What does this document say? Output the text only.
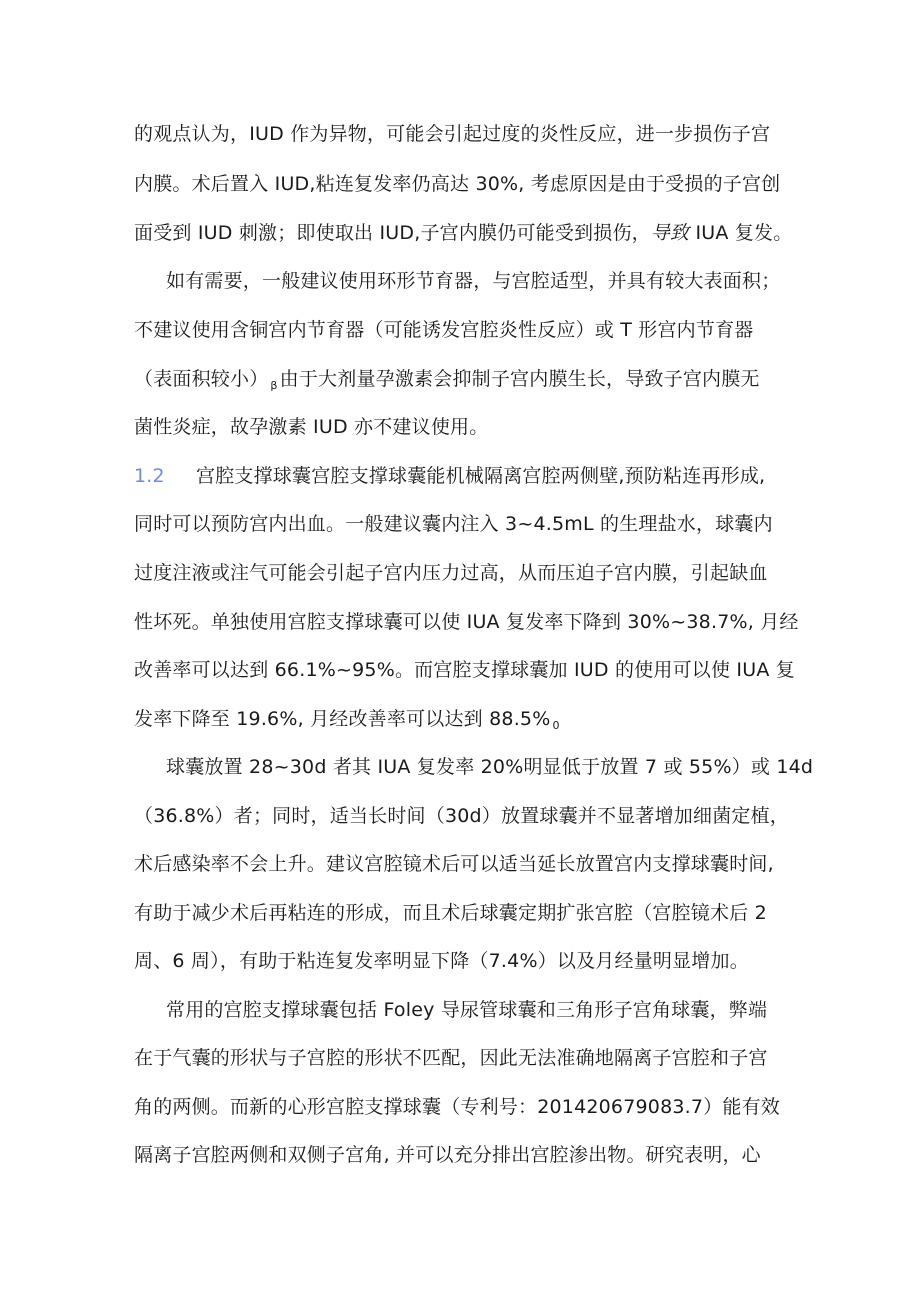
的观点认为，IUD 作为异物，可能会引起过度的炎性反应，进一步损伤子宫
内膜。术后置入 IUD,粘连复发率仍高达 30%, 考虑原因是由于受损的子宫创
面受到 IUD 刺激；即使取出 IUD,子宫内膜仍可能受到损伤，导致 IUA 复发。
如有需要，一般建议使用环形节育器，与宫腔适型，并具有较大表面积；
不建议使用含铜宫内节育器（可能诱发宫腔炎性反应）或 T 形宫内节育器
（表面积较小） $_\beta$ 由于大剂量孕激素会抑制子宫内膜生长，导致子宫内膜无
菌性炎症，故孕激素 IUD 亦不建议使用。
1.2 宫腔支撑球囊宫腔支撑球囊能机械隔离宫腔两侧壁,预防粘连再形成,
同时可以预防宫内出血。一般建议囊内注入 3~4.5mL 的生理盐水，球囊内
过度注液或注气可能会引起子宫内压力过高，从而压迫子宫内膜，引起缺血
性坏死。单独使用宫腔支撑球囊可以使 IUA 复发率下降到 30%~38.7%, 月经
改善率可以达到 66.1%~95%。而宫腔支撑球囊加 IUD 的使用可以使 IUA 复
发率下降至 19.6%, 月经改善率可以达到 88.5% $_0$
球囊放置 28~30d 者其 IUA 复发率 20%明显低于放置 7 或 55%）或 14d
（36.8%）者；同时，适当长时间（30d）放置球囊并不显著增加细菌定植，
术后感染率不会上升。建议宫腔镜术后可以适当延长放置宫内支撑球囊时间,
有助于减少术后再粘连的形成，而且术后球囊定期扩张宫腔（宫腔镜术后 2
周、6 周），有助于粘连复发率明显下降（7.4%）以及月经量明显增加。
常用的宫腔支撑球囊包括 Foley 导尿管球囊和三角形子宫角球囊，弊端
在于气囊的形状与子宫腔的形状不匹配，因此无法准确地隔离子宫腔和子宫
角的两侧。而新的心形宫腔支撑球囊（专利号：201420679083.7）能有效
隔离子宫腔两侧和双侧子宫角, 并可以充分排出宫腔渗出物。研究表明，心
